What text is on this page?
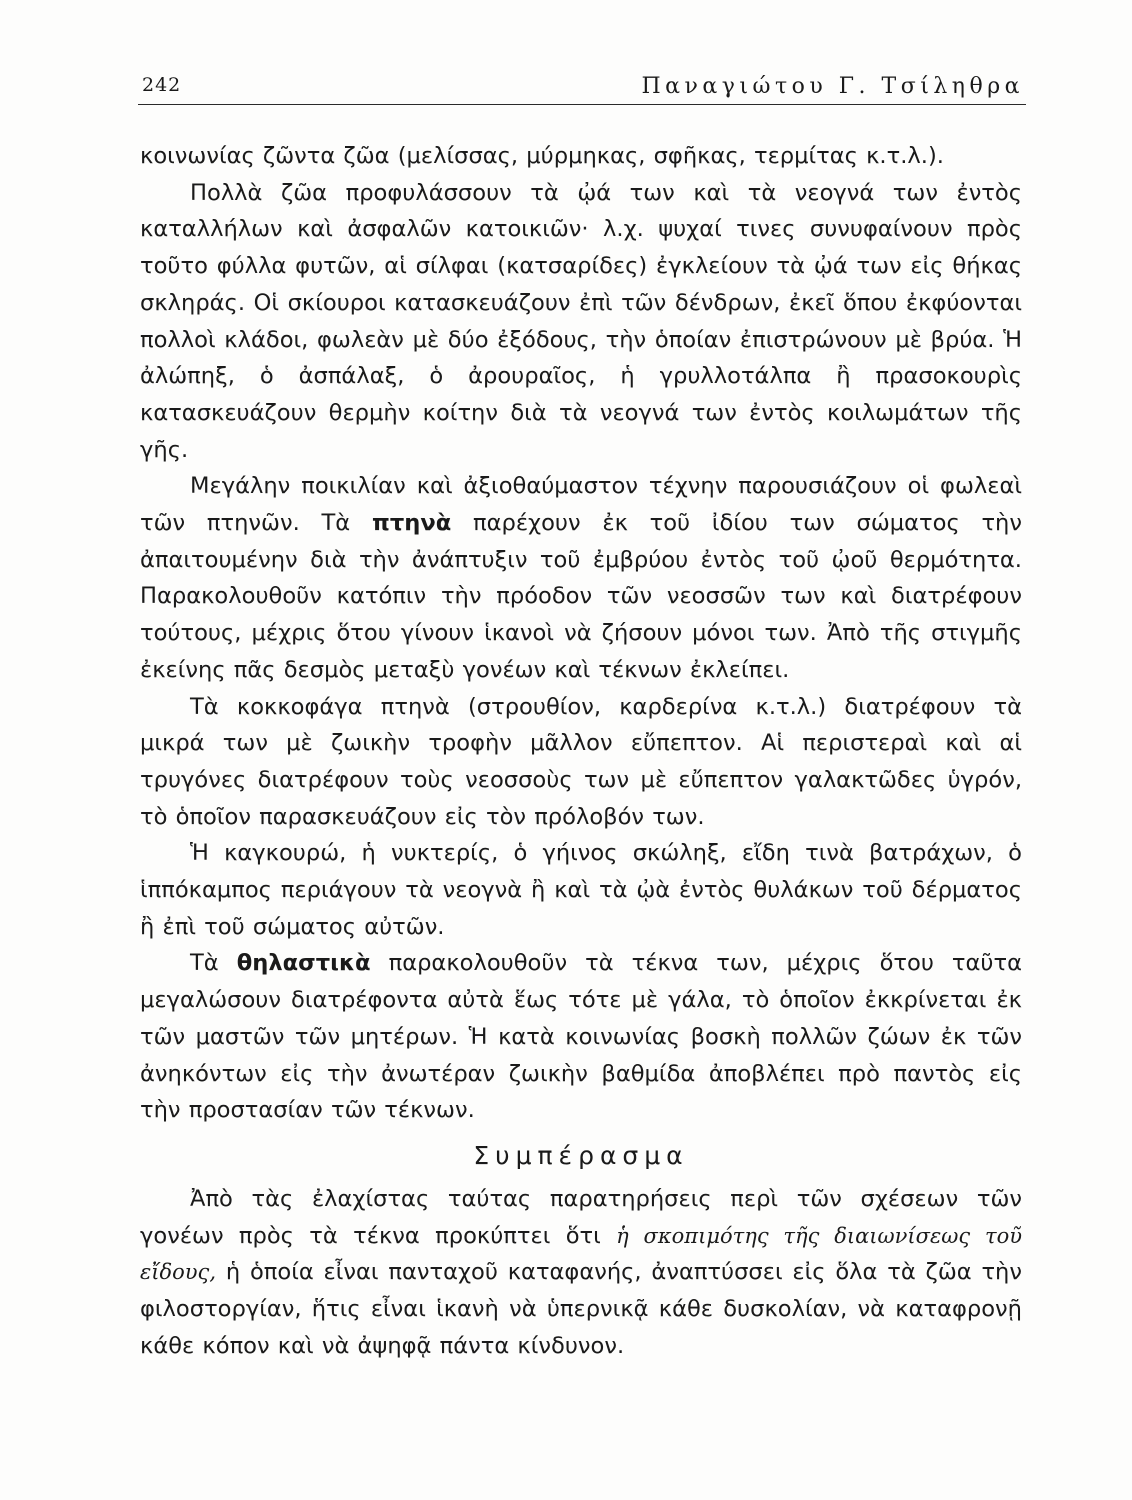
242	Παναγιώτου Γ. Τσίληθρα

κοινωνίας ζῶντα ζῶα (μελίσσας, μύρμηκας, σφῆκας, τερμίτας κ.τ.λ.).

Πολλὰ ζῶα προφυλάσσουν τὰ ᾠά των καὶ τὰ νεογνά των ἐντὸς καταλλήλων καὶ ἀσφαλῶν κατοικιῶν· λ.χ. ψυχαί τινες συνυφαίνουν πρὸς τοῦτο φύλλα φυτῶν, αἱ σίλφαι (κατσαρίδες) ἐγκλείουν τὰ ᾠά των εἰς θήκας σκληράς. Οἱ σκίουροι κατασκευάζουν ἐπὶ τῶν δένδρων, ἐκεῖ ὅπου ἐκφύονται πολλοὶ κλάδοι, φωλεὰν μὲ δύο ἐξόδους, τὴν ὁποίαν ἐπιστρώνουν μὲ βρύα. Ἡ ἀλώπηξ, ὁ ἀσπάλαξ, ὁ ἀρουραῖος, ἡ γρυλλοτάλπα ἢ πρασοκουρὶς κατασκευάζουν θερμὴν κοίτην διὰ τὰ νεογνά των ἐντὸς κοιλωμάτων τῆς γῆς.

Μεγάλην ποικιλίαν καὶ ἀξιοθαύμαστον τέχνην παρουσιάζουν οἱ φωλεαὶ τῶν πτηνῶν. Τὰ πτηνὰ παρέχουν ἐκ τοῦ ἰδίου των σώματος τὴν ἀπαιτουμένην διὰ τὴν ἀνάπτυξιν τοῦ ἐμβρύου ἐντὸς τοῦ ᾠοῦ θερμότητα. Παρακολουθοῦν κατόπιν τὴν πρόοδον τῶν νεοσσῶν των καὶ διατρέφουν τούτους, μέχρις ὅτου γίνουν ἱκανοὶ νὰ ζήσουν μόνοι των. Ἀπὸ τῆς στιγμῆς ἐκείνης πᾶς δεσμὸς μεταξὺ γονέων καὶ τέκνων ἐκλείπει.

Τὰ κοκκοφάγα πτηνὰ (στρουθίον, καρδερίνα κ.τ.λ.) διατρέφουν τὰ μικρά των μὲ ζωικὴν τροφὴν μᾶλλον εὔπεπτον. Αἱ περιστεραὶ καὶ αἱ τρυγόνες διατρέφουν τοὺς νεοσσοὺς των μὲ εὔπεπτον γαλακτῶδες ὑγρόν, τὸ ὁποῖον παρασκευάζουν εἰς τὸν πρόλοβόν των.

Ἡ καγκουρώ, ἡ νυκτερίς, ὁ γήινος σκώληξ, εἴδη τινὰ βατράχων, ὁ ἱππόκαμπος περιάγουν τὰ νεογνὰ ἢ καὶ τὰ ᾠὰ ἐντὸς θυλάκων τοῦ δέρματος ἢ ἐπὶ τοῦ σώματος αὐτῶν.

Τὰ θηλαστικὰ παρακολουθοῦν τὰ τέκνα των, μέχρις ὅτου ταῦτα μεγαλώσουν διατρέφοντα αὐτὰ ἕως τότε μὲ γάλα, τὸ ὁποῖον ἐκκρίνεται ἐκ τῶν μαστῶν τῶν μητέρων. Ἡ κατὰ κοινωνίας βοσκὴ πολλῶν ζώων ἐκ τῶν ἀνηκόντων εἰς τὴν ἀνωτέραν ζωικὴν βαθμίδα ἀποβλέπει πρὸ παντὸς εἰς τὴν προστασίαν τῶν τέκνων.

Συμπέρασμα

Ἀπὸ τὰς ἐλαχίστας ταύτας παρατηρήσεις περὶ τῶν σχέσεων τῶν γονέων πρὸς τὰ τέκνα προκύπτει ὅτι ἡ σκοπιμότης τῆς διαιωνίσεως τοῦ εἴδους, ἡ ὁποία εἶναι πανταχοῦ καταφανής, ἀναπτύσσει εἰς ὅλα τὰ ζῶα τὴν φιλοστοργίαν, ἥτις εἶναι ἱκανὴ νὰ ὑπερνικᾷ κάθε δυσκολίαν, νὰ καταφρονῇ κάθε κόπον καὶ νὰ ἀψηφᾷ πάντα κίνδυνον.
